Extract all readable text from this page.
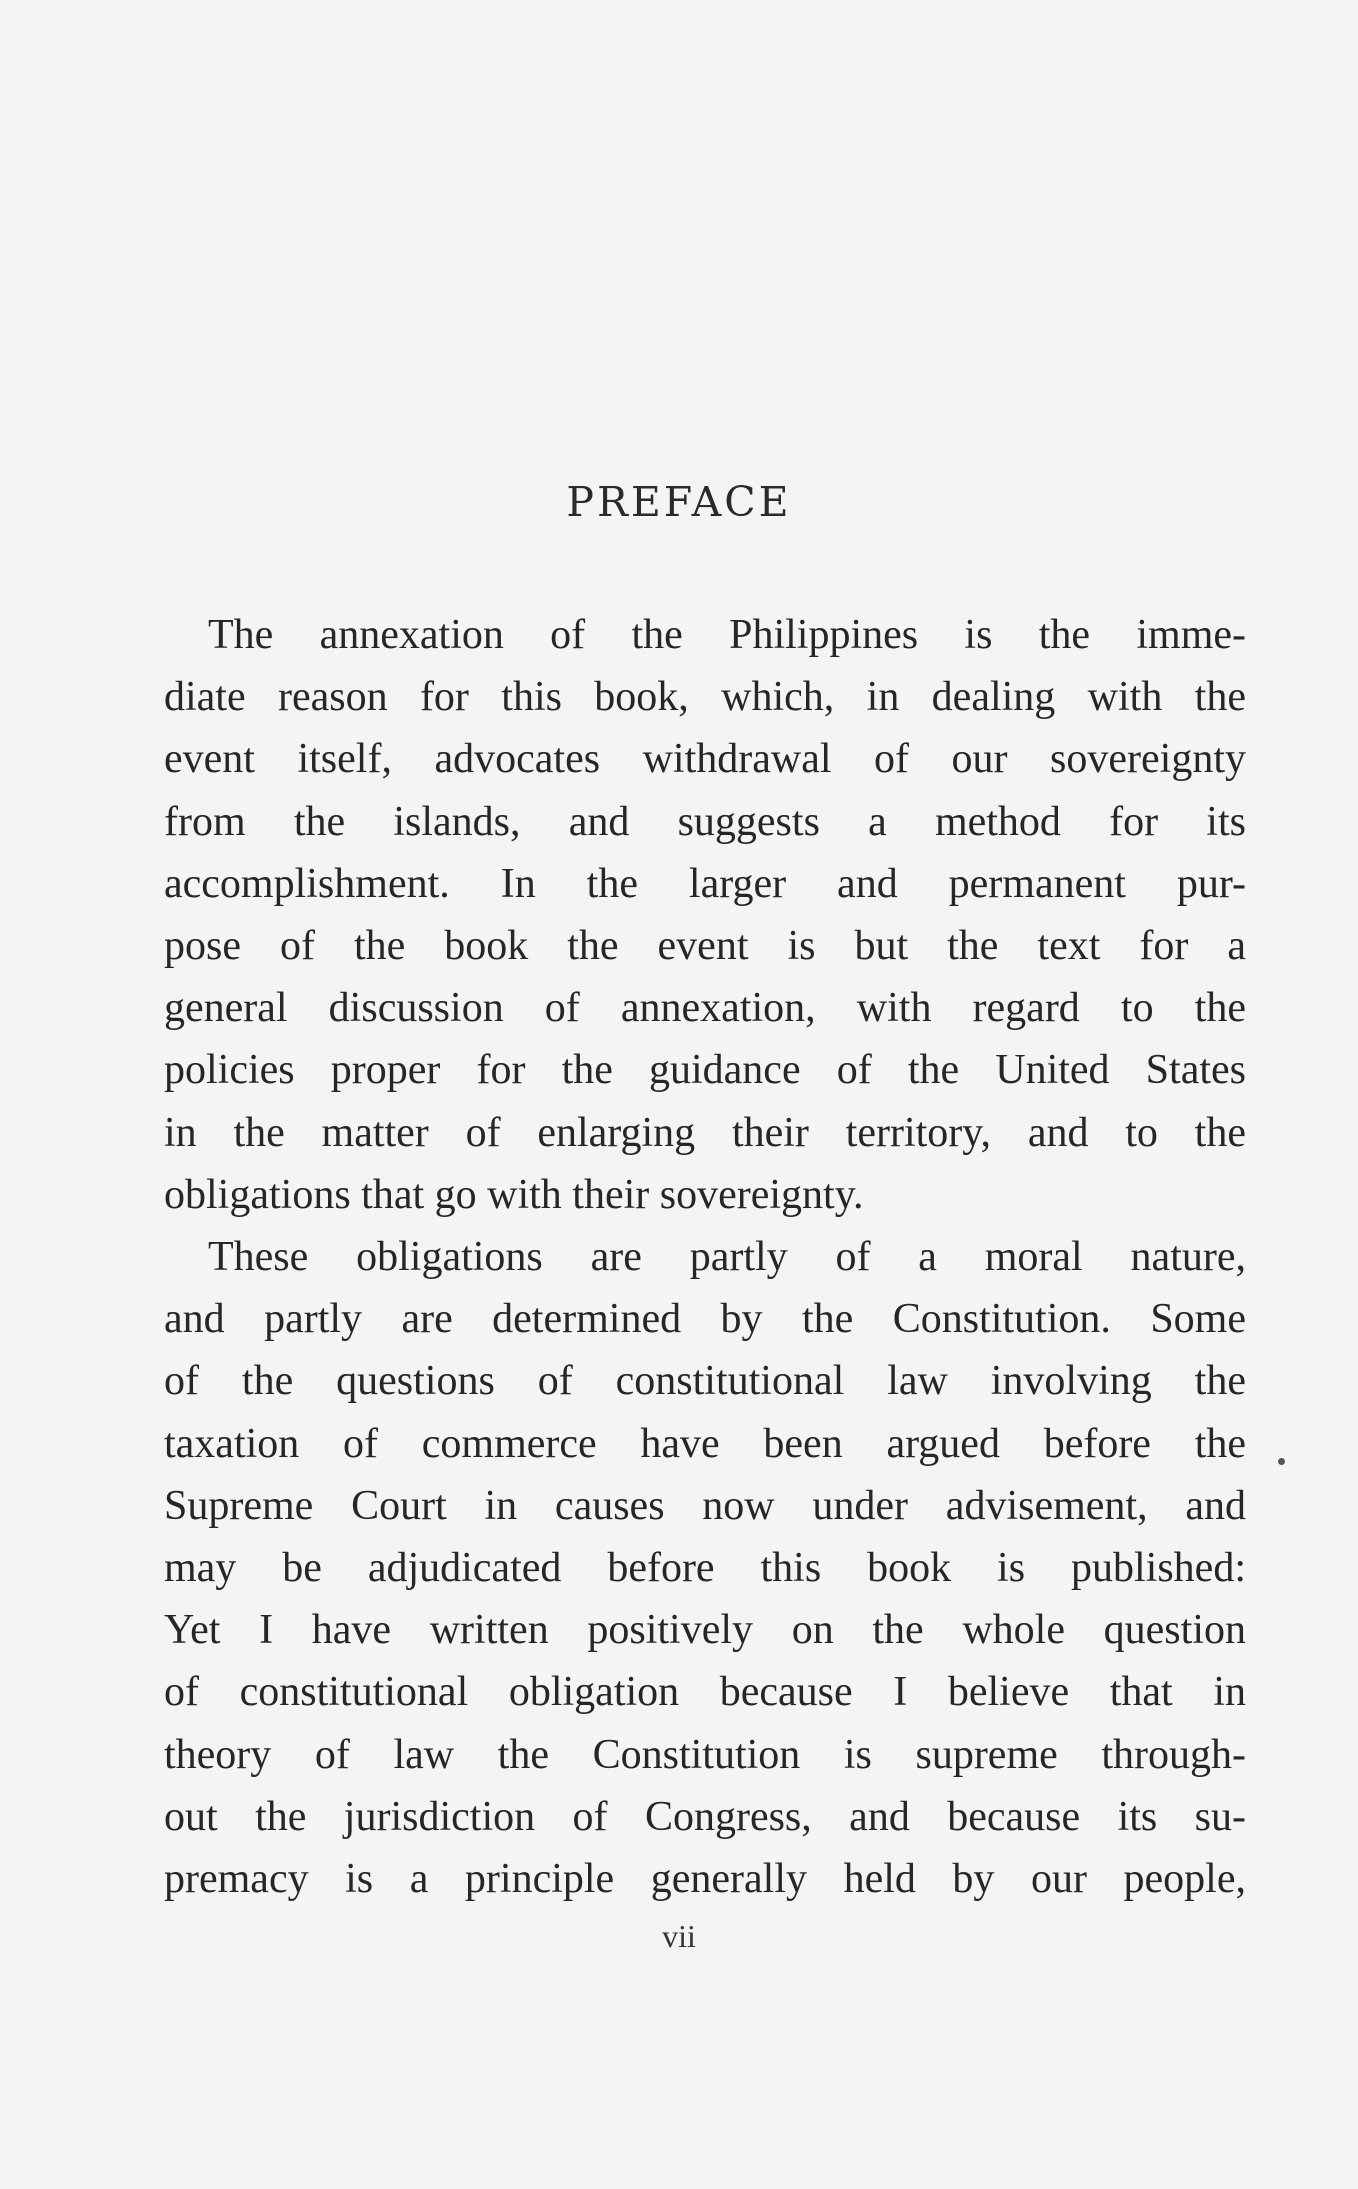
PREFACE
The annexation of the Philippines is the imme-
diate reason for this book, which, in dealing with the
event itself, advocates withdrawal of our sovereignty
from the islands, and suggests a method for its
accomplishment. In the larger and permanent pur-
pose of the book the event is but the text for a
general discussion of annexation, with regard to the
policies proper for the guidance of the United States
in the matter of enlarging their territory, and to the
obligations that go with their sovereignty.
These obligations are partly of a moral nature,
and partly are determined by the Constitution. Some
of the questions of constitutional law involving the
taxation of commerce have been argued before the
Supreme Court in causes now under advisement, and
may be adjudicated before this book is published:
Yet I have written positively on the whole question
of constitutional obligation because I believe that in
theory of law the Constitution is supreme through-
out the jurisdiction of Congress, and because its su-
premacy is a principle generally held by our people,
vii
